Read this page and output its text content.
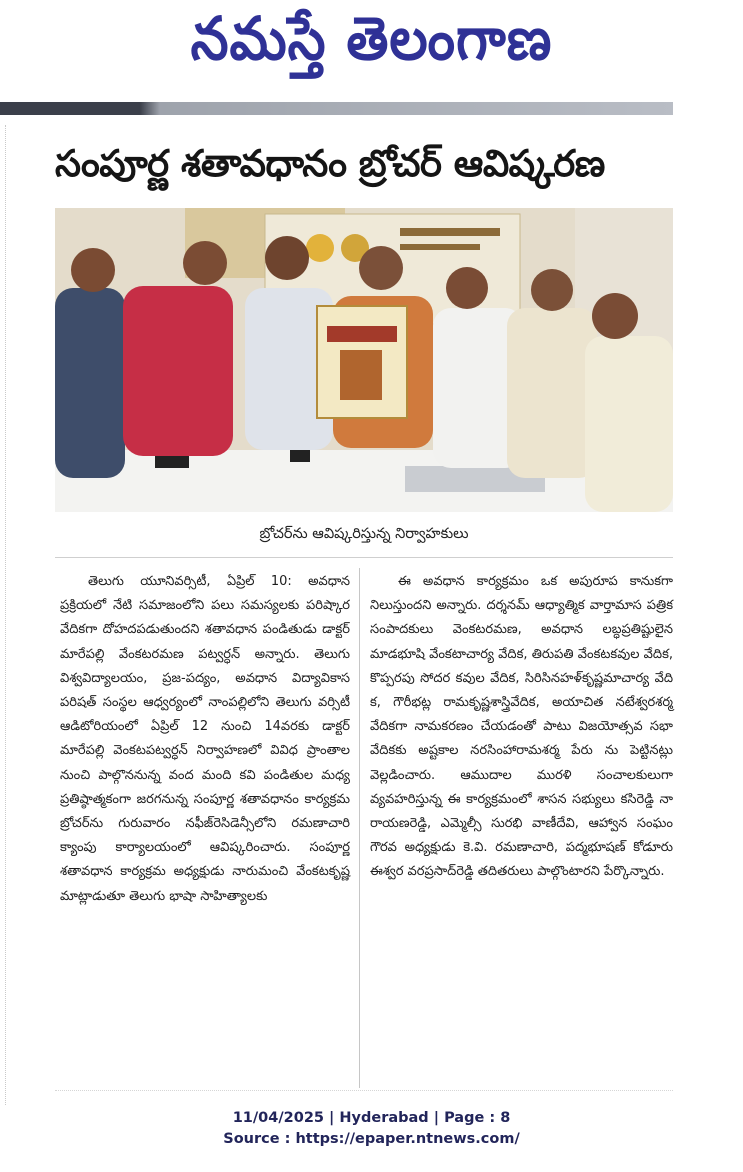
నమస్తే తెలంగాణ
సంపూర్ణ శతావధానం బ్రోచర్ ఆవిష్కరణ
బ్రోచర్‌ను ఆవిష్కరిస్తున్న నిర్వాహకులు

తెలుగు యూనివర్సిటీ, ఏప్రిల్ 10: అవధాన ప్రక్రియలో నేటి సమాజంలోని పలు సమస్యలకు పరిష్కార వేదికగా దోహదపడుతుందని శతావధాన పండితుడు డాక్టర్ మారేపల్లి వేంకటరమణ పట్వర్ధన్ అన్నారు. తెలుగు విశ్వవిద్యాలయం, ప్రజ-పద్యం, అవధాన విద్యావికాస పరిషత్ సంస్థల ఆధ్వర్యంలో నాంపల్లిలోని తెలుగు వర్సిటీ ఆడిటోరియంలో ఏప్రిల్ 12 నుంచి 14వరకు డాక్టర్ మారేపల్లి వెంకటపట్వర్ధన్ నిర్వాహణలో వివిధ ప్రాంతాల నుంచి పాల్గొననున్న వంద మంది కవి పండితుల మధ్య ప్రతిష్ఠాత్మకంగా జరగనున్న సంపూర్ణ శతావధానం కార్యక్రమ బ్రోచర్‌ను గురువారం నఫీజ్‌రెసిడెన్సీలోని రమణాచారి క్యాంపు కార్యాలయంలో ఆవిష్కరించారు. సంపూర్ణ శతావధాన కార్యక్రమ అధ్యక్షుడు నారుమంచి వేంకటకృష్ణ మాట్లాడుతూ తెలుగు భాషా సాహిత్యాలకు

ఈ అవధాన కార్యక్రమం ఒక అపురూప కానుకగా నిలుస్తుందని అన్నారు. దర్శనమ్ ఆధ్యాత్మిక వార్తామాస పత్రిక సంపాదకులు వెంకటరమణ, అవధాన లబ్ధప్రతిష్టులైన మాడభూషి వేంకటాచార్య వేదిక, తిరుపతి వేంకటకవుల వేదిక, కొప్పరపు సోదర కవుల వేదిక, సిరిసినహళ్‌కృష్ణమాచార్య వేది క, గౌరీభట్ల రామకృష్ణశాస్త్రివేదిక, అయాచిత నటేశ్వరశర్మ వేదికగా నామకరణం చేయడంతో పాటు విజయోత్సవ సభా వేదికకు అష్టకాల నరసింహారామశర్మ పేరు ను పెట్టినట్లు వెల్లడించారు. ఆముదాల మురళి సంచాలకులుగా వ్యవహరిస్తున్న ఈ కార్యక్రమంలో శాసన సభ్యులు కసిరెడ్డి నా రాయణరెడ్డి, ఎమ్మెల్సీ సురభి వాణీదేవి, ఆహ్వాన సంఘం గౌరవ అధ్యక్షుడు కె.వి. రమణాచారి, పద్మభూషణ్ కోడూరు ఈశ్వర వరప్రసాద్‌రెడ్డి తదితరులు పాల్గొంటారని పేర్కొన్నారు.

11/04/2025 | Hyderabad | Page : 8
Source : https://epaper.ntnews.com/
